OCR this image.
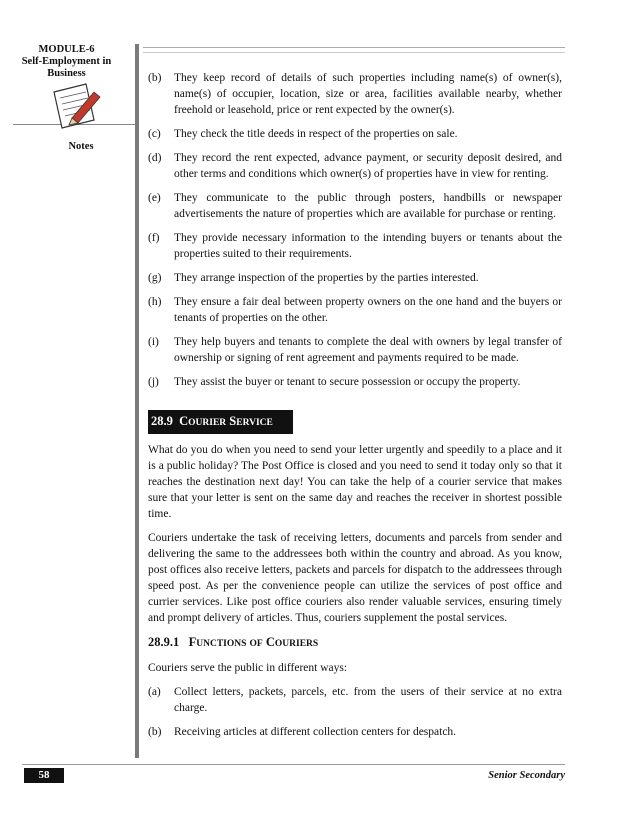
MODULE-6
Self-Employment in
Business
Notes
(b)	They keep record of details of such properties including name(s) of owner(s), name(s) of occupier, location, size or area, facilities available nearby, whether freehold or leasehold, price or rent expected by the owner(s).
(c)	They check the title deeds in respect of the properties on sale.
(d)	They record the rent expected, advance payment, or security deposit desired, and other terms and conditions which owner(s) of properties have in view for renting.
(e)	They communicate to the public through posters, handbills or newspaper advertisements the nature of properties which are available for purchase or renting.
(f)	They provide necessary information to the intending buyers or tenants about the properties suited to their requirements.
(g)	They arrange inspection of the properties by the parties interested.
(h)	They ensure a fair deal between property owners on the one hand and the buyers or tenants of properties on the other.
(i)	They help buyers and tenants to complete the deal with owners by legal transfer of ownership or signing of rent agreement and payments required to be made.
(j)	They assist the buyer or tenant to secure possession or occupy the property.
28.9 COURIER SERVICE
What do you do when you need to send your letter urgently and speedily to a place and it is a public holiday? The Post Office is closed and you need to send it today only so that it reaches the destination next day! You can take the help of a courier service that makes sure that your letter is sent on the same day and reaches the receiver in shortest possible time.
Couriers undertake the task of receiving letters, documents and parcels from sender and delivering the same to the addressees both within the country and abroad. As you know, post offices also receive letters, packets and parcels for dispatch to the addressees through speed post. As per the convenience people can utilize the services of post office and currier services. Like post office couriers also render valuable services, ensuring timely and prompt delivery of articles. Thus, couriers supplement the postal services.
28.9.1 FUNCTIONS OF COURIERS
Couriers serve the public in different ways:
(a)	Collect letters, packets, parcels, etc. from the users of their service at no extra charge.
(b)	Receiving articles at different collection centers for despatch.
58	Senior Secondary
